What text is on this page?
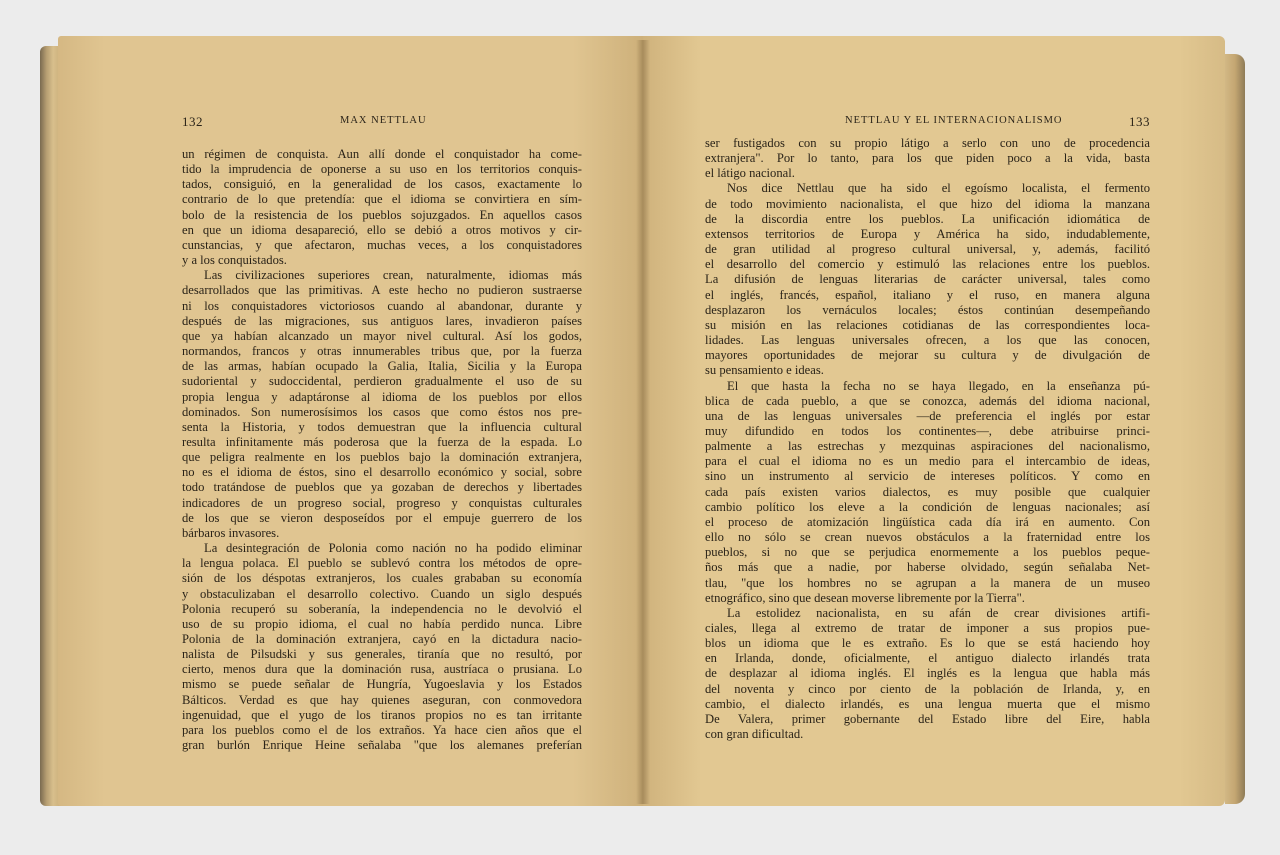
132	MAX NETTLAU
un régimen de conquista. Aun allí donde el conquistador ha come-
tido la imprudencia de oponerse a su uso en los territorios conquis-
tados, consiguió, en la generalidad de los casos, exactamente lo
contrario de lo que pretendía: que el idioma se convirtiera en sím-
bolo de la resistencia de los pueblos sojuzgados. En aquellos casos
en que un idioma desapareció, ello se debió a otros motivos y cir-
cunstancias, y que afectaron, muchas veces, a los conquistadores
y a los conquistados.
Las civilizaciones superiores crean, naturalmente, idiomas más
desarrollados que las primitivas. A este hecho no pudieron sustraerse
ni los conquistadores victoriosos cuando al abandonar, durante y
después de las migraciones, sus antiguos lares, invadieron países
que ya habían alcanzado un mayor nivel cultural. Así los godos,
normandos, francos y otras innumerables tribus que, por la fuerza
de las armas, habían ocupado la Galia, Italia, Sicilia y la Europa
sudoriental y sudoccidental, perdieron gradualmente el uso de su
propia lengua y adaptáronse al idioma de los pueblos por ellos
dominados. Son numerosísimos los casos que como éstos nos pre-
senta la Historia, y todos demuestran que la influencia cultural
resulta infinitamente más poderosa que la fuerza de la espada. Lo
que peligra realmente en los pueblos bajo la dominación extranjera,
no es el idioma de éstos, sino el desarrollo económico y social, sobre
todo tratándose de pueblos que ya gozaban de derechos y libertades
indicadores de un progreso social, progreso y conquistas culturales
de los que se vieron desposeídos por el empuje guerrero de los
bárbaros invasores.
La desintegración de Polonia como nación no ha podido eliminar
la lengua polaca. El pueblo se sublevó contra los métodos de opre-
sión de los déspotas extranjeros, los cuales grababan su economía
y obstaculizaban el desarrollo colectivo. Cuando un siglo después
Polonia recuperó su soberanía, la independencia no le devolvió el
uso de su propio idioma, el cual no había perdido nunca. Libre
Polonia de la dominación extranjera, cayó en la dictadura nacio-
nalista de Pilsudski y sus generales, tiranía que no resultó, por
cierto, menos dura que la dominación rusa, austríaca o prusiana. Lo
mismo se puede señalar de Hungría, Yugoeslavia y los Estados
Bálticos. Verdad es que hay quienes aseguran, con conmovedora
ingenuidad, que el yugo de los tiranos propios no es tan irritante
para los pueblos como el de los extraños. Ya hace cien años que el
gran burlón Enrique Heine señalaba "que los alemanes preferían
NETTLAU Y EL INTERNACIONALISMO	133
ser fustigados con su propio látigo a serlo con uno de procedencia
extranjera". Por lo tanto, para los que piden poco a la vida, basta
el látigo nacional.
Nos dice Nettlau que ha sido el egoísmo localista, el fermento
de todo movimiento nacionalista, el que hizo del idioma la manzana
de la discordia entre los pueblos. La unificación idiomática de
extensos territorios de Europa y América ha sido, indudablemente,
de gran utilidad al progreso cultural universal, y, además, facilitó
el desarrollo del comercio y estimuló las relaciones entre los pueblos.
La difusión de lenguas literarias de carácter universal, tales como
el inglés, francés, español, italiano y el ruso, en manera alguna
desplazaron los vernáculos locales; éstos continúan desempeñando
su misión en las relaciones cotidianas de las correspondientes loca-
lidades. Las lenguas universales ofrecen, a los que las conocen,
mayores oportunidades de mejorar su cultura y de divulgación de
su pensamiento e ideas.
El que hasta la fecha no se haya llegado, en la enseñanza pú-
blica de cada pueblo, a que se conozca, además del idioma nacional,
una de las lenguas universales —de preferencia el inglés por estar
muy difundido en todos los continentes—, debe atribuirse princi-
palmente a las estrechas y mezquinas aspiraciones del nacionalismo,
para el cual el idioma no es un medio para el intercambio de ideas,
sino un instrumento al servicio de intereses políticos. Y como en
cada país existen varios dialectos, es muy posible que cualquier
cambio político los eleve a la condición de lenguas nacionales; así
el proceso de atomización lingüística cada día irá en aumento. Con
ello no sólo se crean nuevos obstáculos a la fraternidad entre los
pueblos, si no que se perjudica enormemente a los pueblos peque-
ños más que a nadie, por haberse olvidado, según señalaba Net-
tlau, "que los hombres no se agrupan a la manera de un museo
etnográfico, sino que desean moverse libremente por la Tierra".
La estolidez nacionalista, en su afán de crear divisiones artifi-
ciales, llega al extremo de tratar de imponer a sus propios pue-
blos un idioma que le es extraño. Es lo que se está haciendo hoy
en Irlanda, donde, oficialmente, el antiguo dialecto irlandés trata
de desplazar al idioma inglés. El inglés es la lengua que habla más
del noventa y cinco por ciento de la población de Irlanda, y, en
cambio, el dialecto irlandés, es una lengua muerta que el mismo
De Valera, primer gobernante del Estado libre del Eire, habla
con gran dificultad.
